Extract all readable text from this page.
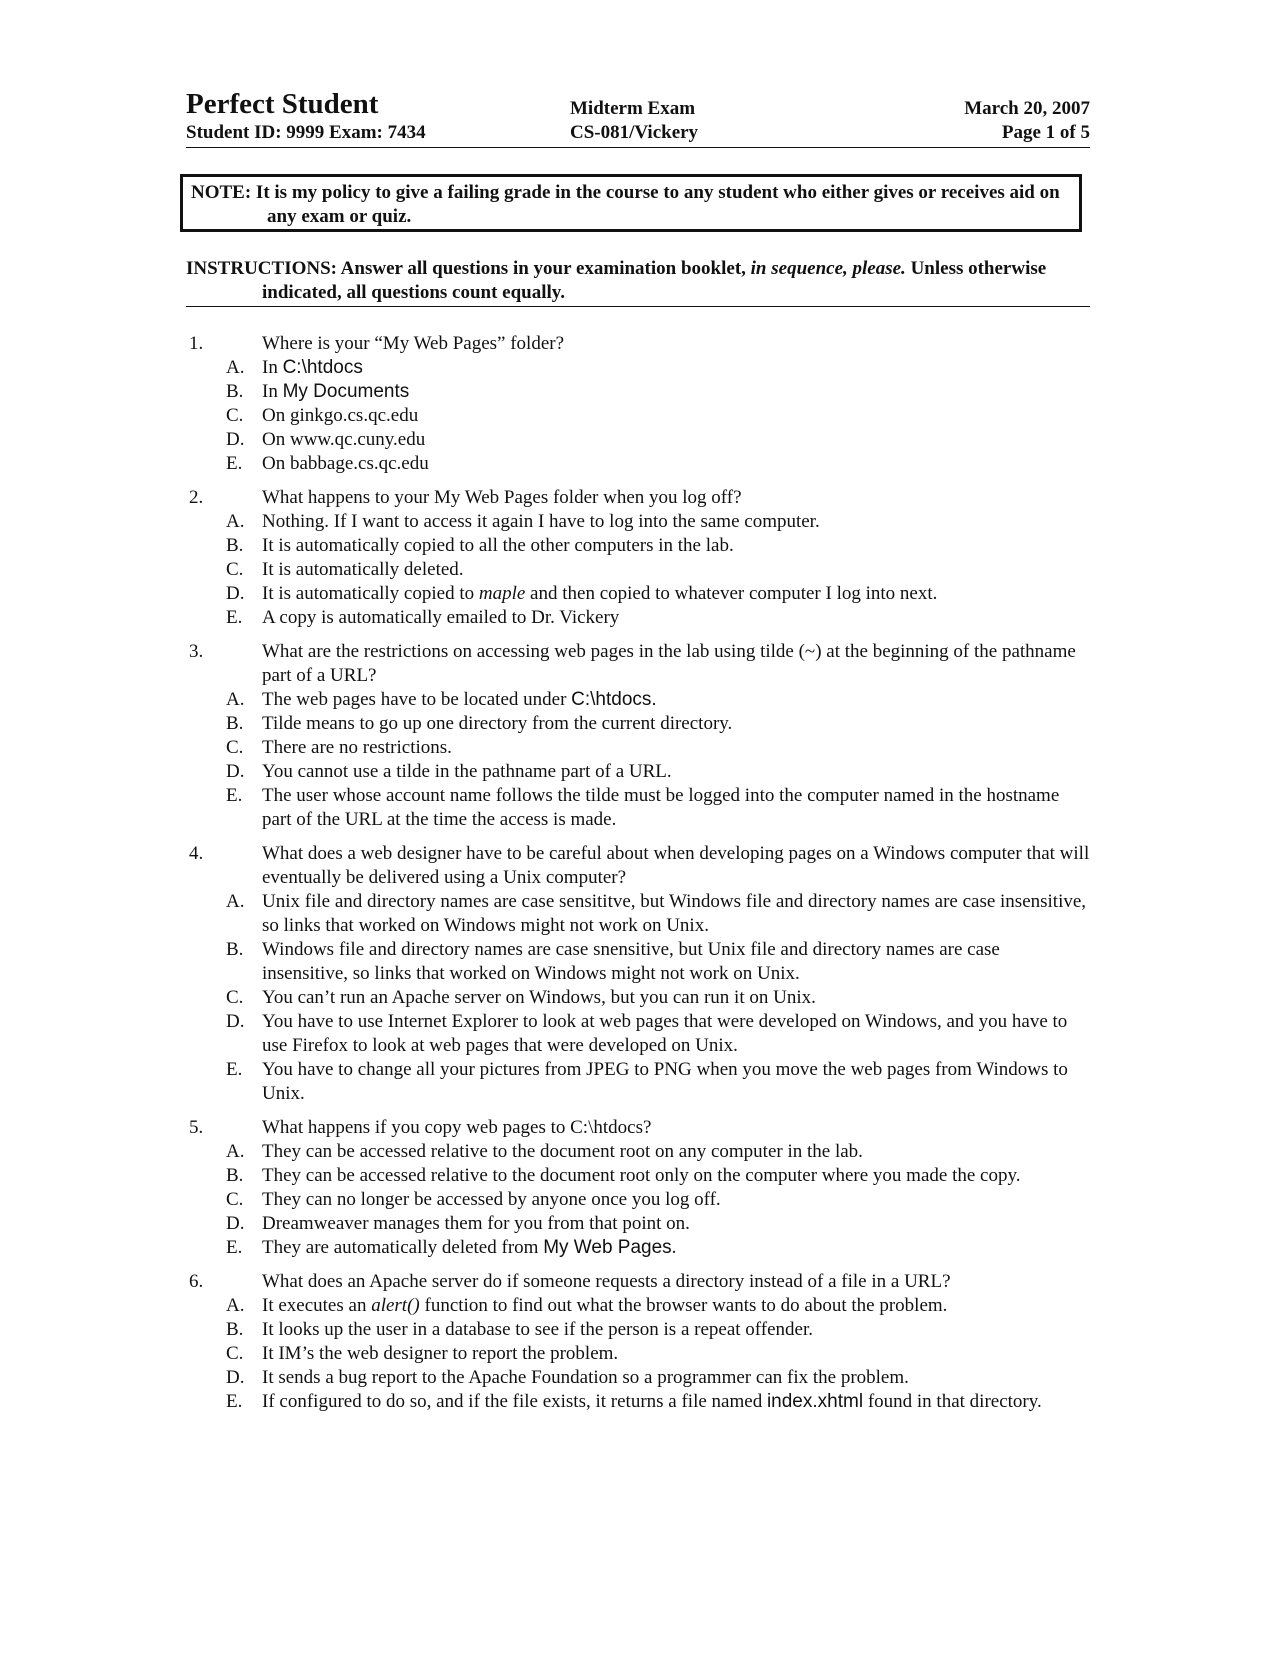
Perfect Student	Midterm Exam	March 20, 2007
Student ID: 9999 Exam: 7434	CS-081/Vickery	Page 1 of 5

NOTE: It is my policy to give a failing grade in the course to any student who either gives or receives aid on any exam or quiz.

INSTRUCTIONS: Answer all questions in your examination booklet, in sequence, please. Unless otherwise indicated, all questions count equally.

1.	Where is your “My Web Pages” folder?
A. In C:\htdocs
B. In My Documents
C. On ginkgo.cs.qc.edu
D. On www.qc.cuny.edu
E. On babbage.cs.qc.edu
2.	What happens to your My Web Pages folder when you log off?
A. Nothing. If I want to access it again I have to log into the same computer.
B. It is automatically copied to all the other computers in the lab.
C. It is automatically deleted.
D. It is automatically copied to maple and then copied to whatever computer I log into next.
E. A copy is automatically emailed to Dr. Vickery
3.	What are the restrictions on accessing web pages in the lab using tilde (~) at the beginning of the pathname part of a URL?
A. The web pages have to be located under C:\htdocs.
B. Tilde means to go up one directory from the current directory.
C. There are no restrictions.
D. You cannot use a tilde in the pathname part of a URL.
E. The user whose account name follows the tilde must be logged into the computer named in the hostname part of the URL at the time the access is made.
4.	What does a web designer have to be careful about when developing pages on a Windows computer that will eventually be delivered using a Unix computer?
A. Unix file and directory names are case sensititve, but Windows file and directory names are case insensitive, so links that worked on Windows might not work on Unix.
B. Windows file and directory names are case snensitive, but Unix file and directory names are case insensitive, so links that worked on Windows might not work on Unix.
C. You can’t run an Apache server on Windows, but you can run it on Unix.
D. You have to use Internet Explorer to look at web pages that were developed on Windows, and you have to use Firefox to look at web pages that were developed on Unix.
E. You have to change all your pictures from JPEG to PNG when you move the web pages from Windows to Unix.
5.	What happens if you copy web pages to C:\htdocs?
A. They can be accessed relative to the document root on any computer in the lab.
B. They can be accessed relative to the document root only on the computer where you made the copy.
C. They can no longer be accessed by anyone once you log off.
D. Dreamweaver manages them for you from that point on.
E. They are automatically deleted from My Web Pages.
6.	What does an Apache server do if someone requests a directory instead of a file in a URL?
A. It executes an alert() function to find out what the browser wants to do about the problem.
B. It looks up the user in a database to see if the person is a repeat offender.
C. It IM’s the web designer to report the problem.
D. It sends a bug report to the Apache Foundation so a programmer can fix the problem.
E. If configured to do so, and if the file exists, it returns a file named index.xhtml found in that directory.
